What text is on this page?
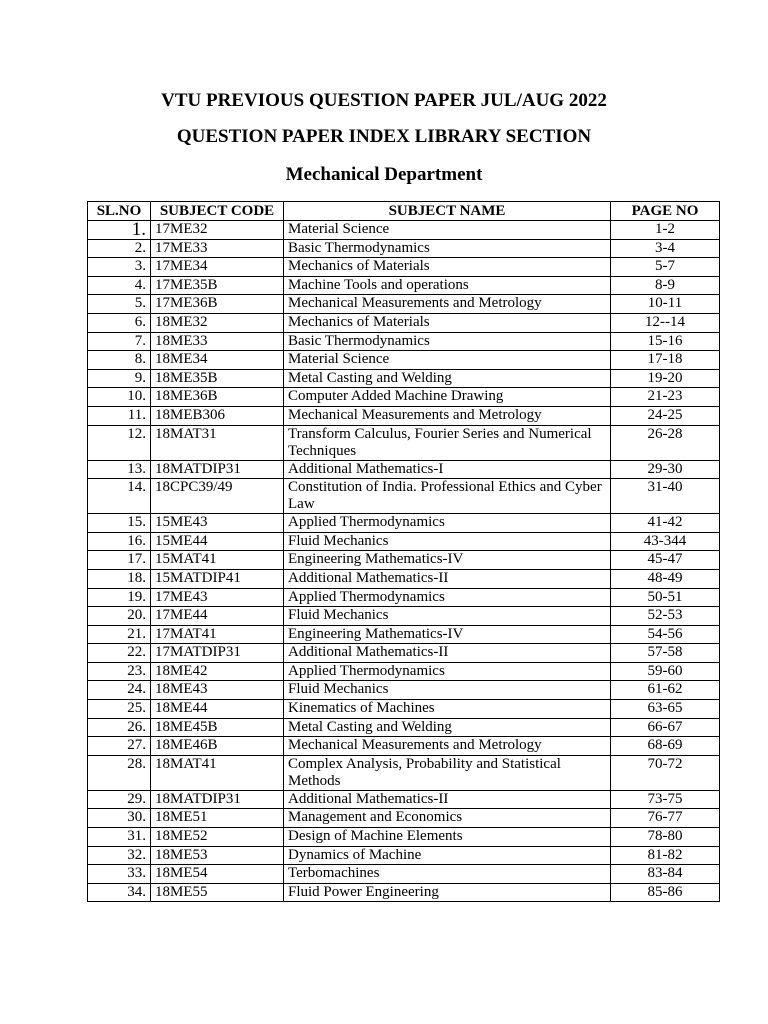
VTU PREVIOUS QUESTION PAPER JUL/AUG 2022
QUESTION PAPER INDEX LIBRARY SECTION
Mechanical Department
SL.NO	SUBJECT CODE	SUBJECT NAME	PAGE NO
1.	17ME32	Material Science	1-2
2.	17ME33	Basic Thermodynamics	3-4
3.	17ME34	Mechanics of Materials	5-7
4.	17ME35B	Machine Tools and operations	8-9
5.	17ME36B	Mechanical Measurements and Metrology	10-11
6.	18ME32	Mechanics of Materials	12--14
7.	18ME33	Basic Thermodynamics	15-16
8.	18ME34	Material Science	17-18
9.	18ME35B	Metal Casting and Welding	19-20
10.	18ME36B	Computer Added Machine Drawing	21-23
11.	18MEB306	Mechanical Measurements and Metrology	24-25
12.	18MAT31	Transform Calculus, Fourier Series and Numerical Techniques	26-28
13.	18MATDIP31	Additional Mathematics-I	29-30
14.	18CPC39/49	Constitution of India. Professional Ethics and Cyber Law	31-40
15.	15ME43	Applied Thermodynamics	41-42
16.	15ME44	Fluid Mechanics	43-344
17.	15MAT41	Engineering Mathematics-IV	45-47
18.	15MATDIP41	Additional Mathematics-II	48-49
19.	17ME43	Applied Thermodynamics	50-51
20.	17ME44	Fluid Mechanics	52-53
21.	17MAT41	Engineering Mathematics-IV	54-56
22.	17MATDIP31	Additional Mathematics-II	57-58
23.	18ME42	Applied Thermodynamics	59-60
24.	18ME43	Fluid Mechanics	61-62
25.	18ME44	Kinematics of Machines	63-65
26.	18ME45B	Metal Casting and Welding	66-67
27.	18ME46B	Mechanical Measurements and Metrology	68-69
28.	18MAT41	Complex Analysis, Probability and Statistical Methods	70-72
29.	18MATDIP31	Additional Mathematics-II	73-75
30.	18ME51	Management and Economics	76-77
31.	18ME52	Design of Machine Elements	78-80
32.	18ME53	Dynamics of Machine	81-82
33.	18ME54	Terbomachines	83-84
34.	18ME55	Fluid Power Engineering	85-86
